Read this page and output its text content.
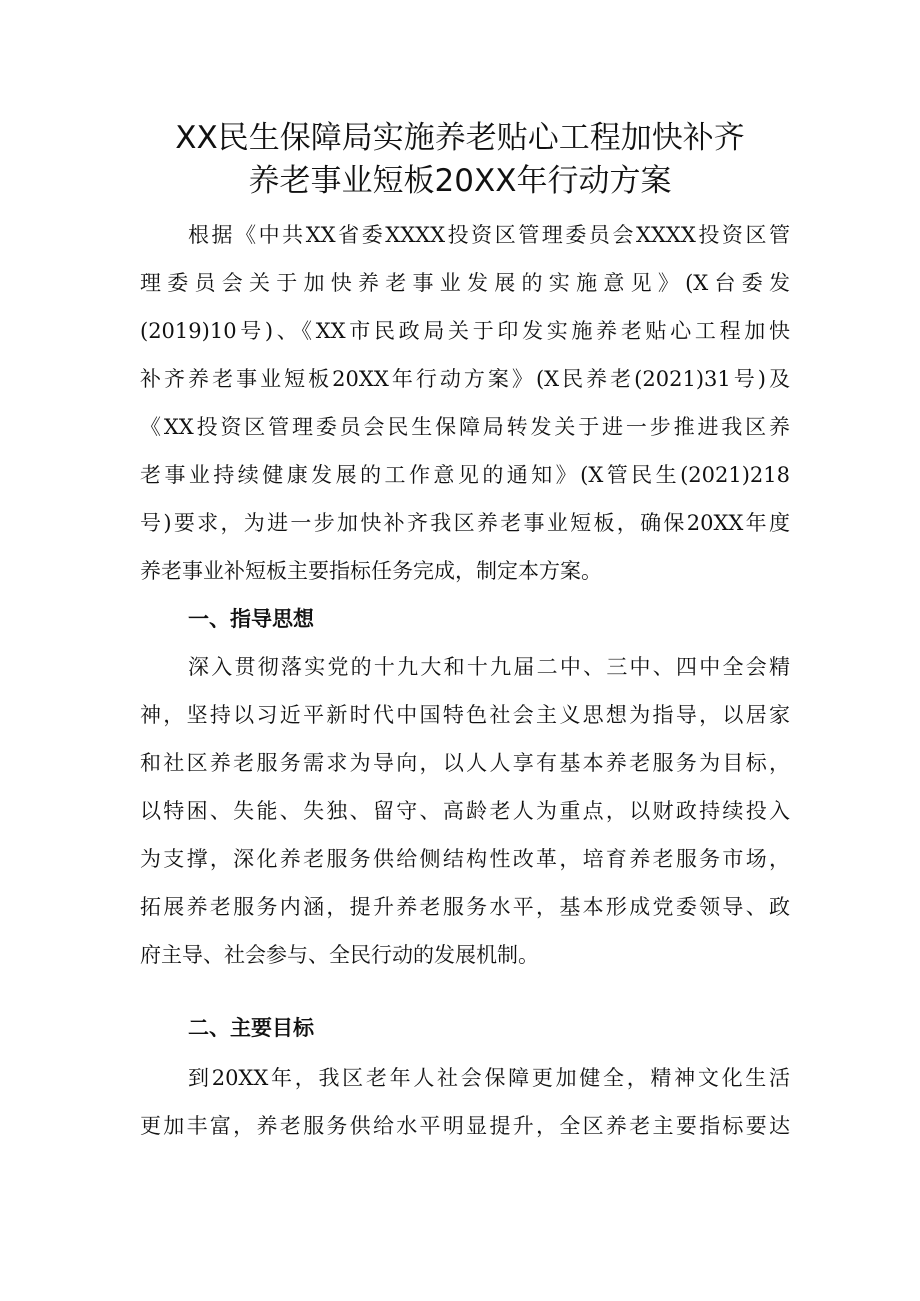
XX民生保障局实施养老贴心工程加快补齐
养老事业短板20XX年行动方案
根据《中共XX省委XXXX投资区管理委员会XXXX投资区管
理委员会关于加快养老事业发展的实施意见》(X台委发
(2019)10号)、《XX市民政局关于印发实施养老贴心工程加快
补齐养老事业短板20XX年行动方案》(X民养老(2021)31号)及
《XX投资区管理委员会民生保障局转发关于进一步推进我区养
老事业持续健康发展的工作意见的通知》(X管民生(2021)218
号)要求，为进一步加快补齐我区养老事业短板，确保20XX年度
养老事业补短板主要指标任务完成，制定本方案。
一、指导思想
深入贯彻落实党的十九大和十九届二中、三中、四中全会精
神，坚持以习近平新时代中国特色社会主义思想为指导，以居家
和社区养老服务需求为导向，以人人享有基本养老服务为目标，
以特困、失能、失独、留守、高龄老人为重点，以财政持续投入
为支撑，深化养老服务供给侧结构性改革，培育养老服务市场，
拓展养老服务内涵，提升养老服务水平，基本形成党委领导、政
府主导、社会参与、全民行动的发展机制。
二、主要目标
到20XX年，我区老年人社会保障更加健全，精神文化生活
更加丰富，养老服务供给水平明显提升，全区养老主要指标要达
